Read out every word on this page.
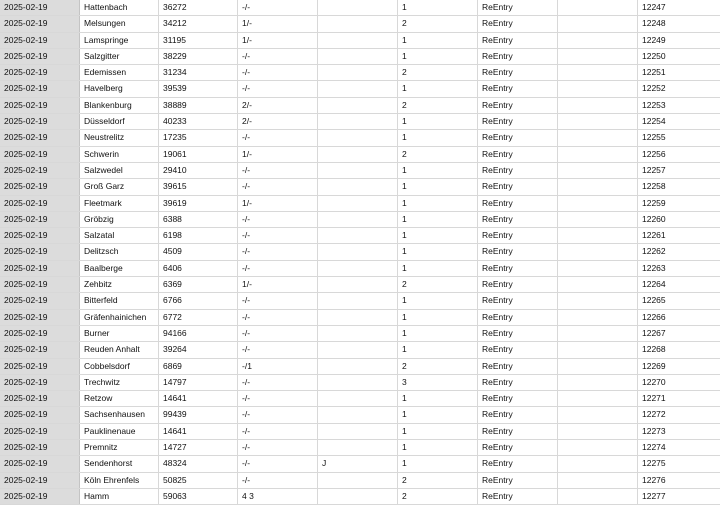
2025-02-19	Hattenbach	36272	-/-	1	ReEntry	12247
2025-02-19	Melsungen	34212	1/-	2	ReEntry	12248
2025-02-19	Lamspringe	31195	1/-	1	ReEntry	12249
2025-02-19	Salzgitter	38229	-/-	1	ReEntry	12250
2025-02-19	Edemissen	31234	-/-	2	ReEntry	12251
2025-02-19	Havelberg	39539	-/-	1	ReEntry	12252
2025-02-19	Blankenburg	38889	2/-	2	ReEntry	12253
2025-02-19	Düsseldorf	40233	2/-	1	ReEntry	12254
2025-02-19	Neustrelitz	17235	-/-	1	ReEntry	12255
2025-02-19	Schwerin	19061	1/-	2	ReEntry	12256
2025-02-19	Salzwedel	29410	-/-	1	ReEntry	12257
2025-02-19	Groß Garz	39615	-/-	1	ReEntry	12258
2025-02-19	Fleetmark	39619	1/-	1	ReEntry	12259
2025-02-19	Gröbzig	6388	-/-	1	ReEntry	12260
2025-02-19	Salzatal	6198	-/-	1	ReEntry	12261
2025-02-19	Delitzsch	4509	-/-	1	ReEntry	12262
2025-02-19	Baalberge	6406	-/-	1	ReEntry	12263
2025-02-19	Zehbitz	6369	1/-	2	ReEntry	12264
2025-02-19	Bitterfeld	6766	-/-	1	ReEntry	12265
2025-02-19	Gräfenhainichen	6772	-/-	1	ReEntry	12266
2025-02-19	Burner	94166	-/-	1	ReEntry	12267
2025-02-19	Reuden Anhalt	39264	-/-	1	ReEntry	12268
2025-02-19	Cobbelsdorf	6869	-/1	2	ReEntry	12269
2025-02-19	Trechwitz	14797	-/-	3	ReEntry	12270
2025-02-19	Retzow	14641	-/-	1	ReEntry	12271
2025-02-19	Sachsenhausen	99439	-/-	1	ReEntry	12272
2025-02-19	Pauklinenaue	14641	-/-	1	ReEntry	12273
2025-02-19	Premnitz	14727	-/-	1	ReEntry	12274
2025-02-19	Sendenhorst	48324	-/-	J	1	ReEntry	12275
2025-02-19	Köln Ehrenfels	50825	-/-	2	ReEntry	12276
2025-02-19	Hamm	59063	4 3	2	ReEntry	12277
